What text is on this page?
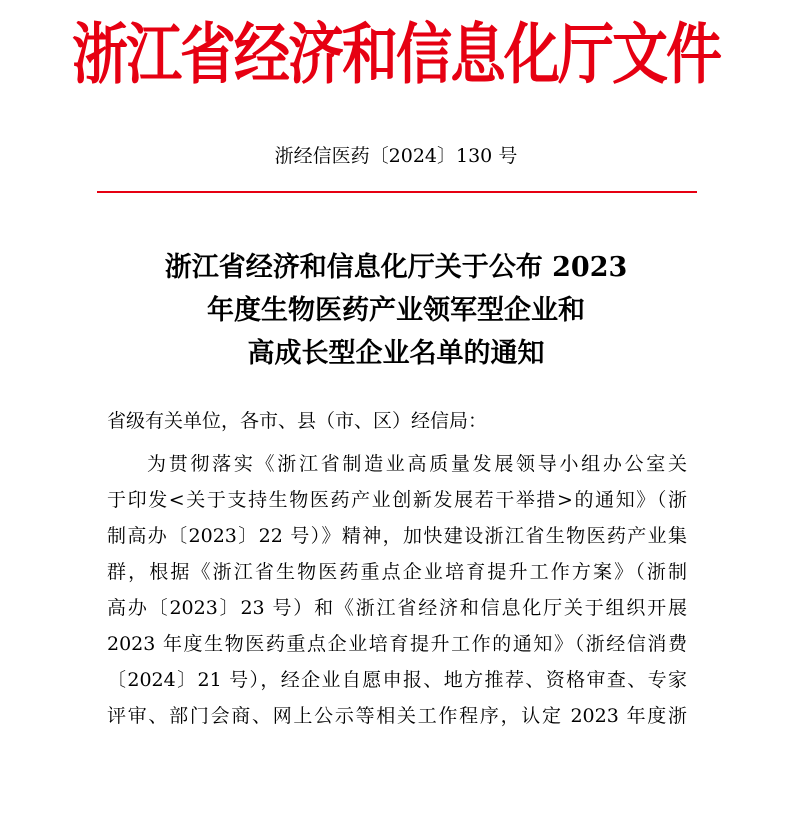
浙江省经济和信息化厅文件
浙经信医药〔2024〕130 号
浙江省经济和信息化厅关于公布 2023
年度生物医药产业领军型企业和
高成长型企业名单的通知
省级有关单位，各市、县（市、区）经信局：
为贯彻落实《浙江省制造业高质量发展领导小组办公室关
于印发<关于支持生物医药产业创新发展若干举措>的通知》（浙
制高办〔2023〕22 号）》精神，加快建设浙江省生物医药产业集
群，根据《浙江省生物医药重点企业培育提升工作方案》（浙制
高办〔2023〕23 号）和《浙江省经济和信息化厅关于组织开展
2023 年度生物医药重点企业培育提升工作的通知》（浙经信消费
〔2024〕21 号），经企业自愿申报、地方推荐、资格审查、专家
评审、部门会商、网上公示等相关工作程序，认定 2023 年度浙
